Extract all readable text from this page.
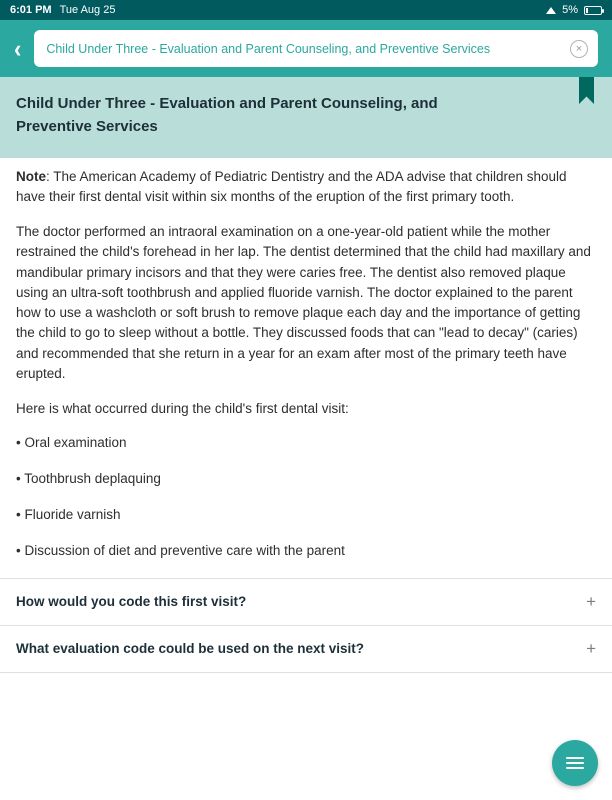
6:01 PM Tue Aug 25	5%
‹
Child Under Three - Evaluation and Parent Counseling, and Preventive Services	×
Child Under Three - Evaluation and Parent Counseling, and Preventive Services

Note: The American Academy of Pediatric Dentistry and the ADA advise that children should have their first dental visit within six months of the eruption of the first primary tooth.

The doctor performed an intraoral examination on a one-year-old patient while the mother restrained the child's forehead in her lap. The dentist determined that the child had maxillary and mandibular primary incisors and that they were caries free. The dentist also removed plaque using an ultra-soft toothbrush and applied fluoride varnish. The doctor explained to the parent how to use a washcloth or soft brush to remove plaque each day and the importance of getting the child to go to sleep without a bottle. They discussed foods that can "lead to decay" (caries) and recommended that she return in a year for an exam after most of the primary teeth have erupted.

Here is what occurred during the child's first dental visit:

• Oral examination
• Toothbrush deplaquing
• Fluoride varnish
• Discussion of diet and preventive care with the parent
How would you code this first visit?	+
What evaluation code could be used on the next visit?	+
